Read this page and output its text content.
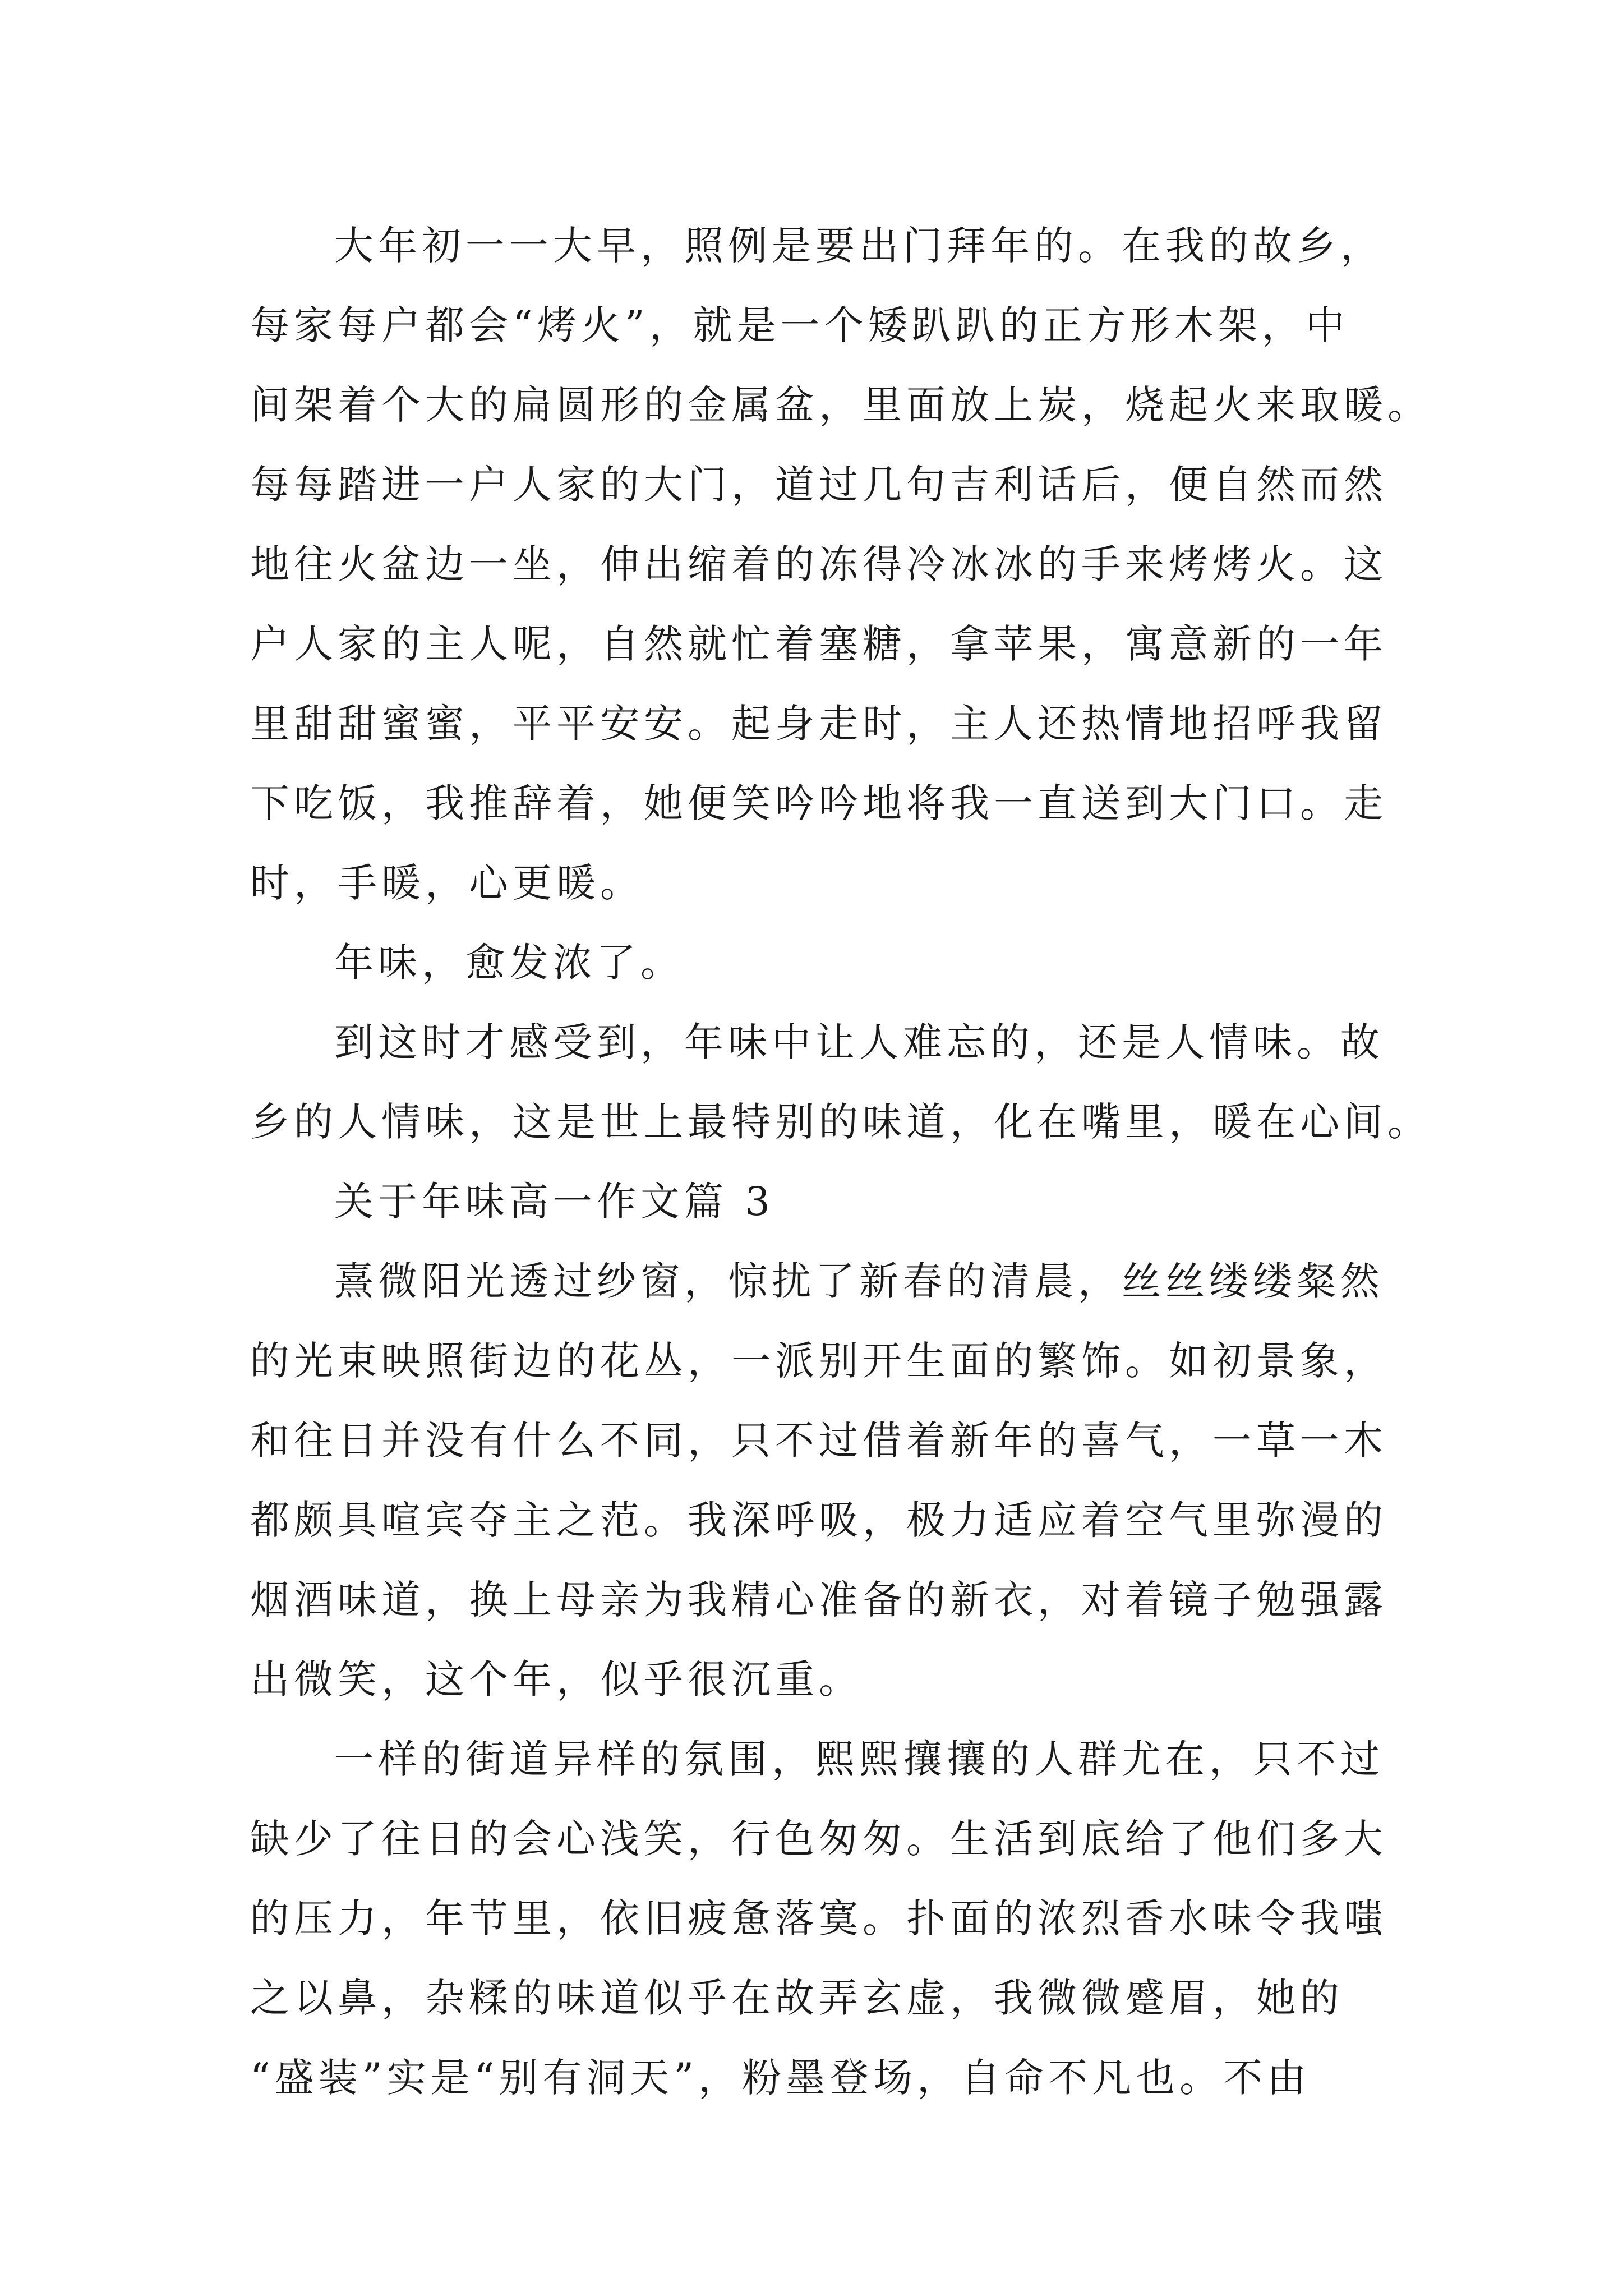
大年初一一大早，照例是要出门拜年的。在我的故乡，
每家每户都会“烤火”，就是一个矮趴趴的正方形木架，中
间架着个大的扁圆形的金属盆，里面放上炭，烧起火来取暖。
每每踏进一户人家的大门，道过几句吉利话后，便自然而然
地往火盆边一坐，伸出缩着的冻得冷冰冰的手来烤烤火。这
户人家的主人呢，自然就忙着塞糖，拿苹果，寓意新的一年
里甜甜蜜蜜，平平安安。起身走时，主人还热情地招呼我留
下吃饭，我推辞着，她便笑吟吟地将我一直送到大门口。走
时，手暖，心更暖。
年味，愈发浓了。
到这时才感受到，年味中让人难忘的，还是人情味。故
乡的人情味，这是世上最特别的味道，化在嘴里，暖在心间。
关于年味高一作文篇 3
熹微阳光透过纱窗，惊扰了新春的清晨，丝丝缕缕粲然
的光束映照街边的花丛，一派别开生面的繁饰。如初景象，
和往日并没有什么不同，只不过借着新年的喜气，一草一木
都颇具喧宾夺主之范。我深呼吸，极力适应着空气里弥漫的
烟酒味道，换上母亲为我精心准备的新衣，对着镜子勉强露
出微笑，这个年，似乎很沉重。
一样的街道异样的氛围，熙熙攘攘的人群尤在，只不过
缺少了往日的会心浅笑，行色匆匆。生活到底给了他们多大
的压力，年节里，依旧疲惫落寞。扑面的浓烈香水味令我嗤
之以鼻，杂糅的味道似乎在故弄玄虚，我微微蹙眉，她的
“盛装”实是“别有洞天”，粉墨登场，自命不凡也。不由
